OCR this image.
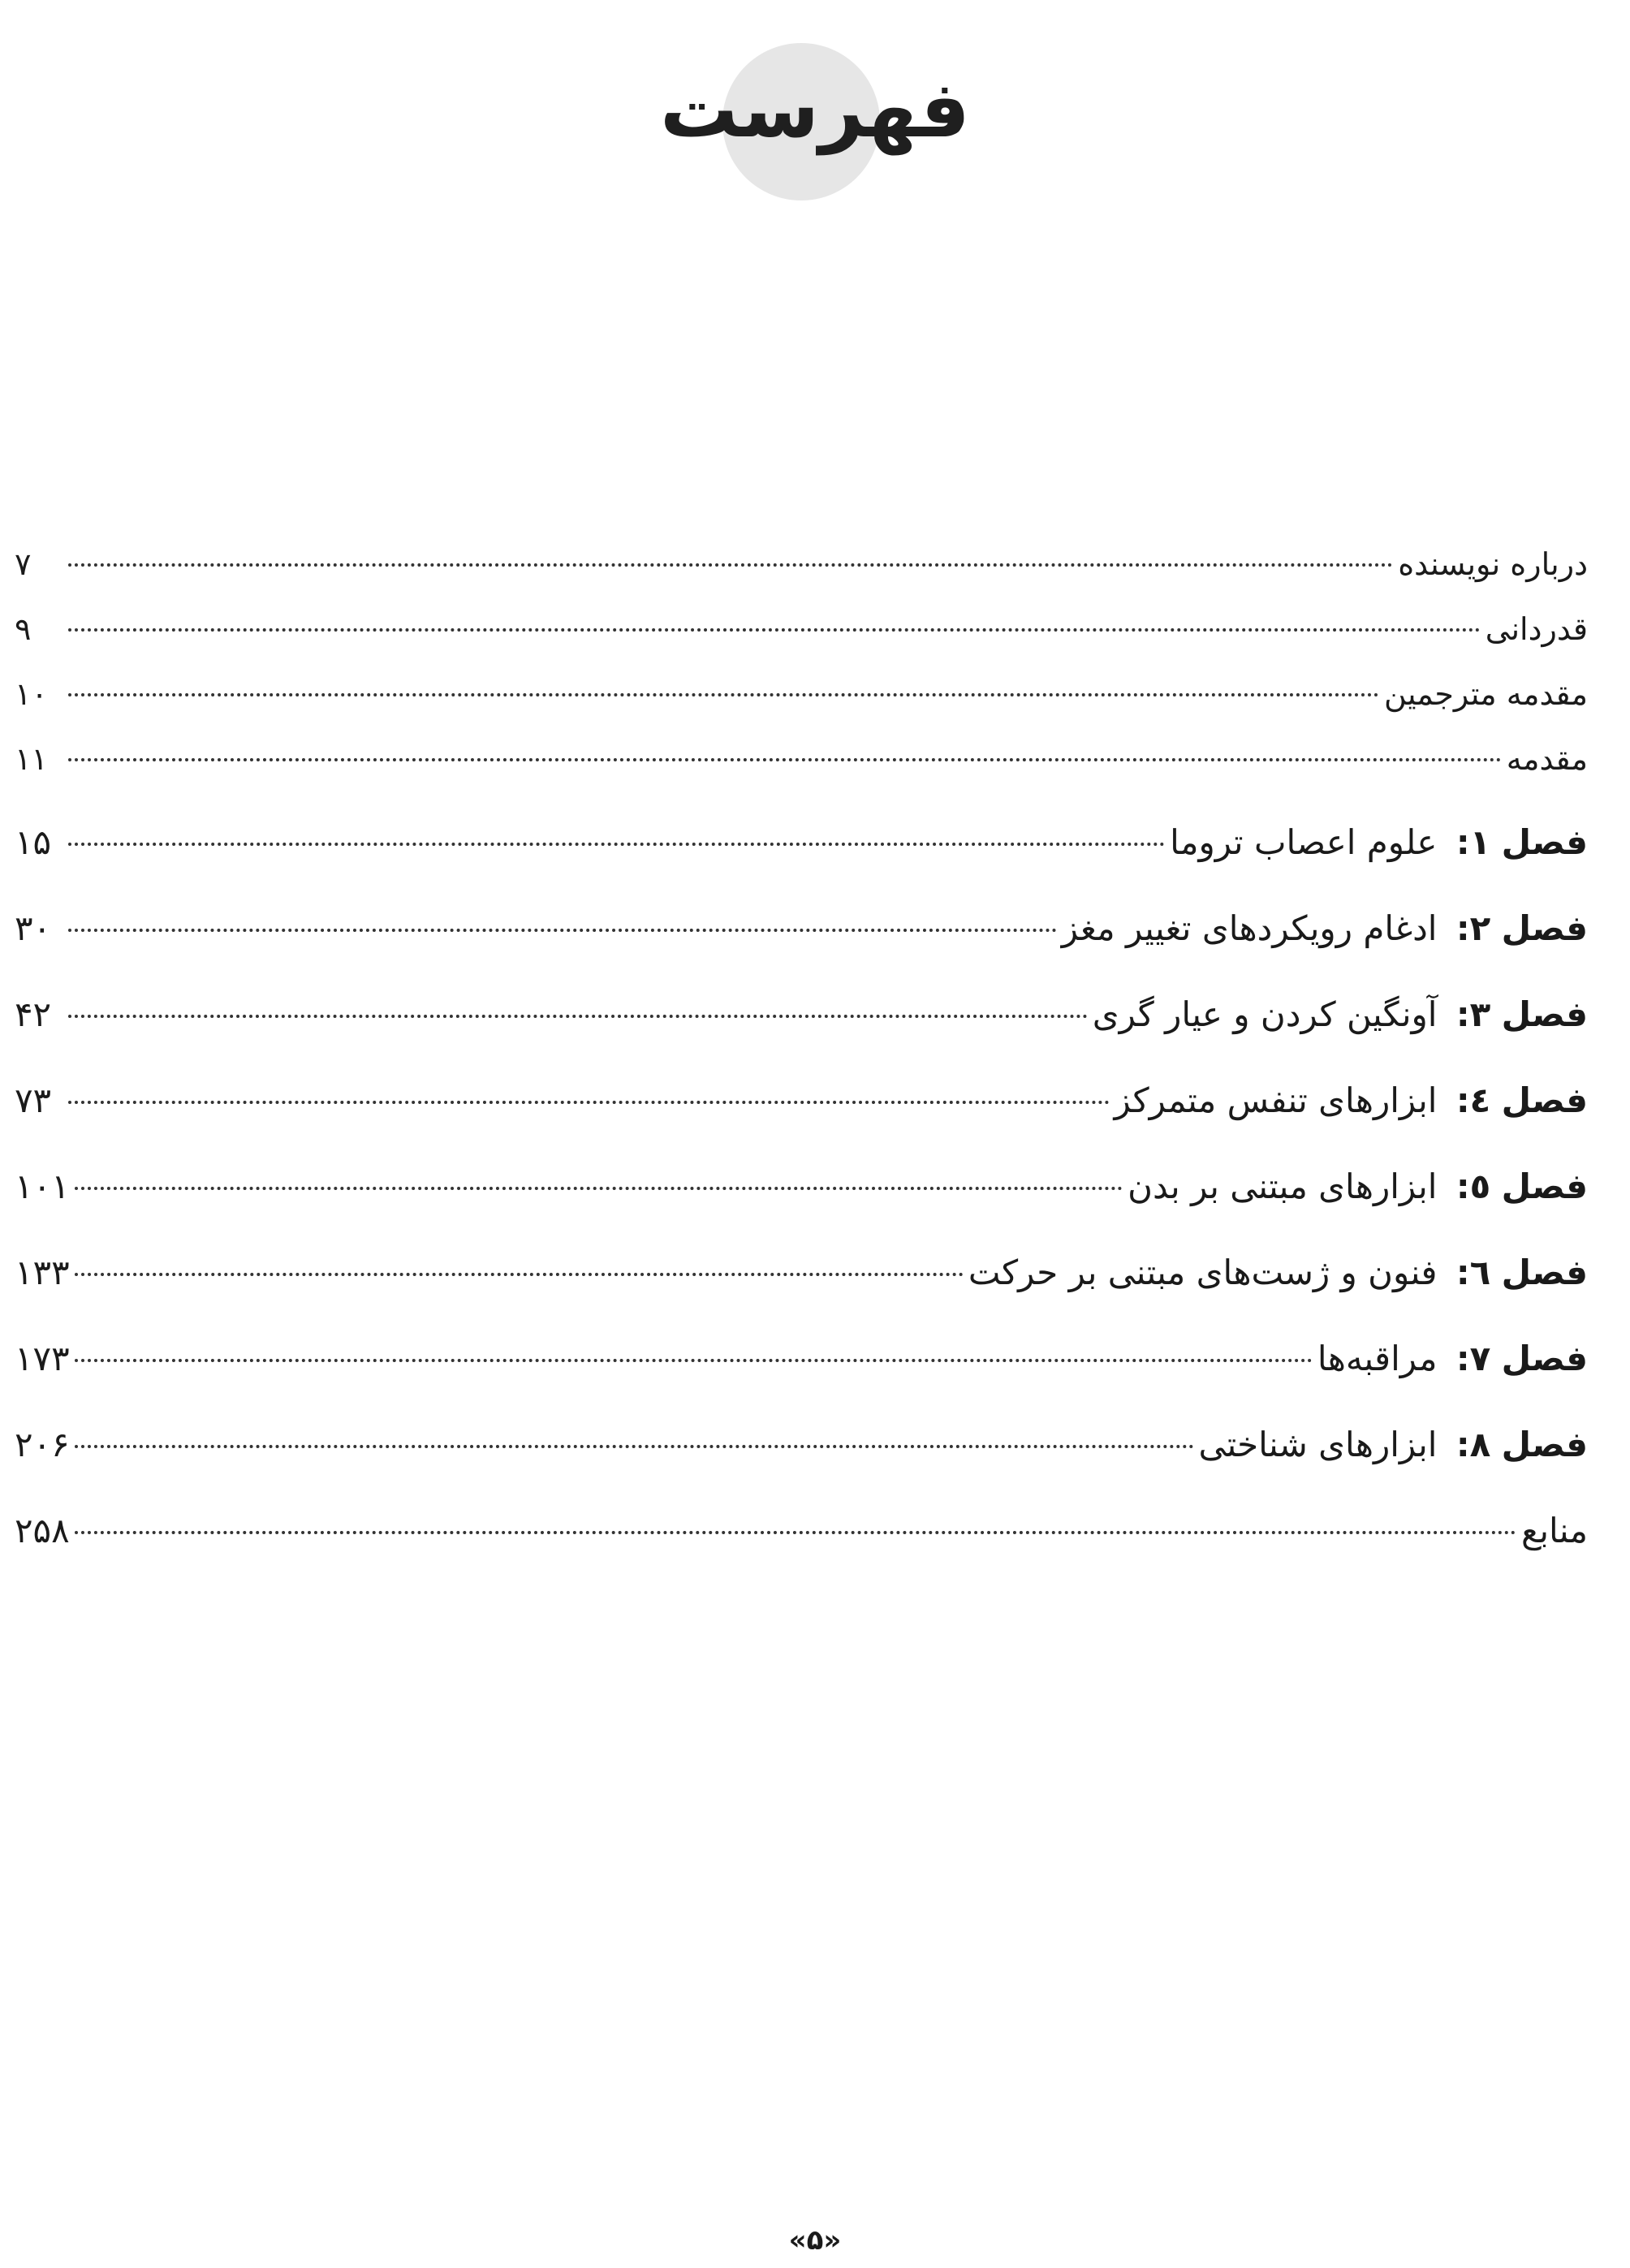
فهرست
درباره نویسنده
۷
قدردانی
۹
مقدمه مترجمین
۱۰
مقدمه
۱۱
فصل ۱: علوم اعصاب تروما
۱۵
فصل ۲: ادغام رویکردهای تغییر مغز
۳۰
فصل ۳: آونگین کردن و عیار گری
۴۲
فصل ٤: ابزارهای تنفس متمرکز
۷۳
فصل ٥: ابزارهای مبتنی بر بدن
۱۰۱
فصل ٦: فنون و ژست‌های مبتنی بر حرکت
۱۳۳
فصل ۷: مراقبه‌ها
۱۷۳
فصل ۸: ابزارهای شناختی
۲۰۶
منابع
۲۵۸
«۵»
